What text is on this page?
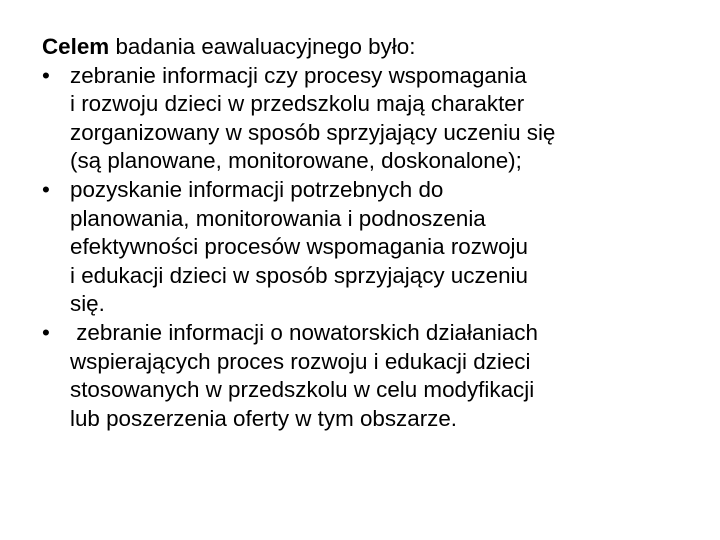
Celem badania eawaluacyjnego było:

• zebranie informacji czy procesy wspomagania
i rozwoju dzieci w przedszkolu mają charakter
zorganizowany w sposób sprzyjający uczeniu się
(są planowane, monitorowane, doskonalone);
• pozyskanie informacji potrzebnych do
planowania, monitorowania i podnoszenia
efektywności procesów wspomagania rozwoju
i edukacji dzieci w sposób sprzyjający uczeniu
się.
• zebranie informacji o nowatorskich działaniach
wspierających proces rozwoju i edukacji dzieci
stosowanych w przedszkolu w celu modyfikacji
lub poszerzenia oferty w tym obszarze.
